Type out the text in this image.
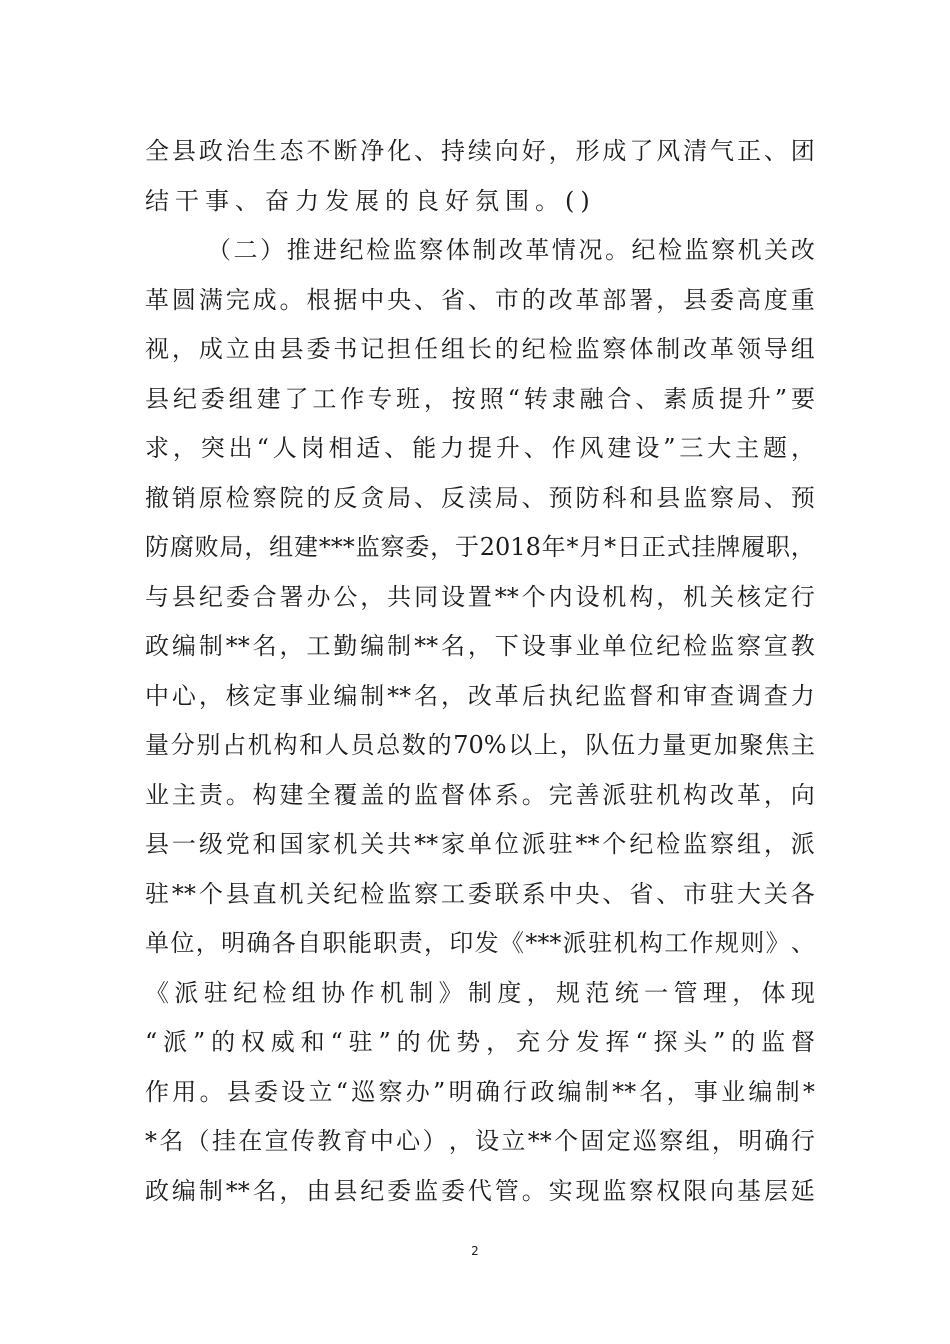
全 县 政 治 生 态 不 断 净 化 、 持 续 向 好 ， 形 成 了 风 清 气 正 、 团
结干事、奋力发展的良好氛围。()
（ 二 ） 推 进 纪 检 监 察 体 制 改 革 情 况 。 纪 检 监 察 机 关 改
革 圆 满 完 成 。 根 据 中 央 、 省 、 市 的 改 革 部 署 ， 县 委 高 度 重
视 ， 成 立 由 县 委 书 记 担 任 组 长 的 纪 检 监 察 体 制 改 革 领 导 组
县 纪 委 组 建 了 工 作 专 班 ， 按 照 “ 转 隶 融 合 、 素 质 提 升 ” 要
求 ， 突 出 “ 人 岗 相 适 、 能 力 提 升 、 作 风 建 设 ” 三 大 主 题 ，
撤 销 原 检 察 院 的 反 贪 局 、 反 渎 局 、 预 防 科 和 县 监 察 局 、 预
防 腐 败 局 ， 组 建 *** 监 察 委 ， 于 2018 年 * 月 * 日 正 式 挂 牌 履 职 ，
与 县 纪 委 合 署 办 公 ， 共 同 设 置 ** 个 内 设 机 构 ， 机 关 核 定 行
政 编 制 ** 名 ， 工 勤 编 制 ** 名 ， 下 设 事 业 单 位 纪 检 监 察 宣 教
中 心 ， 核 定 事 业 编 制 ** 名 ， 改 革 后 执 纪 监 督 和 审 查 调 查 力
量 分 别 占 机 构 和 人 员 总 数 的 70% 以 上 ， 队 伍 力 量 更 加 聚 焦 主
业 主 责 。 构 建 全 覆 盖 的 监 督 体 系 。 完 善 派 驻 机 构 改 革 ， 向
县 一 级 党 和 国 家 机 关 共 ** 家 单 位 派 驻 ** 个 纪 检 监 察 组 ， 派
驻 ** 个 县 直 机 关 纪 检 监 察 工 委 联 系 中 央 、 省 、 市 驻 大 关 各
单 位 ， 明 确 各 自 职 能 职 责 ， 印 发 《 *** 派 驻 机 构 工 作 规 则 》 、
《 派 驻 纪 检 组 协 作 机 制 》 制 度 ， 规 范 统 一 管 理 ， 体 现
“ 派 ” 的 权 威 和 “ 驻 ” 的 优 势 ， 充 分 发 挥 “ 探 头 ” 的 监 督
作 用 。 县 委 设 立 “ 巡 察 办 ” 明 确 行 政 编 制 ** 名 ， 事 业 编 制 *
* 名 （ 挂 在 宣 传 教 育 中 心 ） ， 设 立 ** 个 固 定 巡 察 组 ， 明 确 行
政 编 制 ** 名 ， 由 县 纪 委 监 委 代 管 。 实 现 监 察 权 限 向 基 层 延
2
